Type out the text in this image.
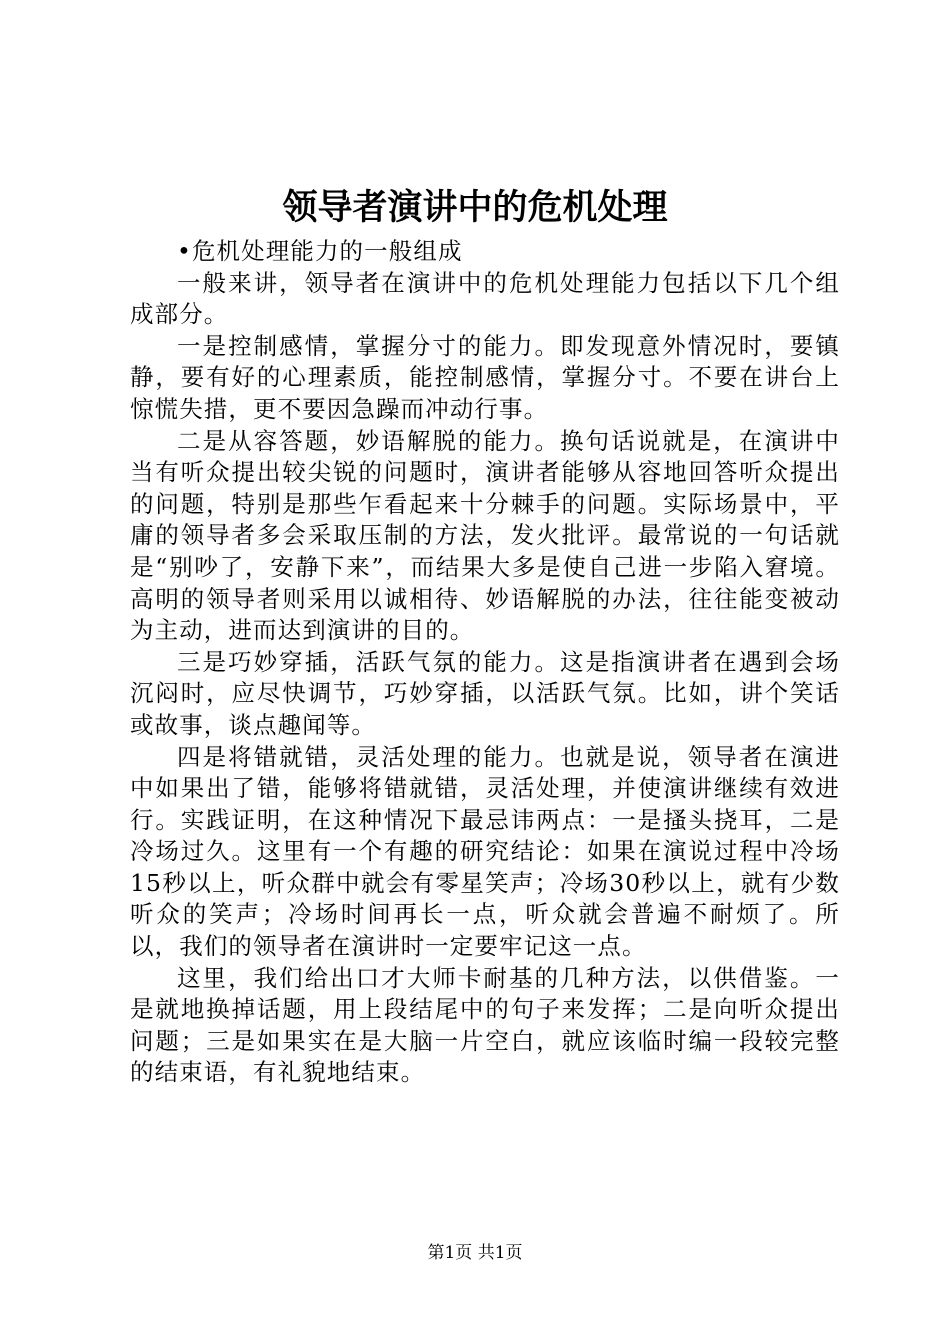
领导者演讲中的危机处理

•危机处理能力的一般组成

一般来讲，领导者在演讲中的危机处理能力包括以下几个组成部分。

一是控制感情，掌握分寸的能力。即发现意外情况时，要镇静，要有好的心理素质，能控制感情，掌握分寸。不要在讲台上惊慌失措，更不要因急躁而冲动行事。

二是从容答题，妙语解脱的能力。换句话说就是，在演讲中当有听众提出较尖锐的问题时，演讲者能够从容地回答听众提出的问题，特别是那些乍看起来十分棘手的问题。实际场景中，平庸的领导者多会采取压制的方法，发火批评。最常说的一句话就是“别吵了，安静下来”，而结果大多是使自己进一步陷入窘境。高明的领导者则采用以诚相待、妙语解脱的办法，往往能变被动为主动，进而达到演讲的目的。

三是巧妙穿插，活跃气氛的能力。这是指演讲者在遇到会场沉闷时，应尽快调节，巧妙穿插，以活跃气氛。比如，讲个笑话或故事，谈点趣闻等。

四是将错就错，灵活处理的能力。也就是说，领导者在演进中如果出了错，能够将错就错，灵活处理，并使演讲继续有效进行。实践证明，在这种情况下最忌讳两点：一是搔头挠耳，二是冷场过久。这里有一个有趣的研究结论：如果在演说过程中冷场15秒以上，听众群中就会有零星笑声；冷场30秒以上，就有少数听众的笑声；冷场时间再长一点，听众就会普遍不耐烦了。所以，我们的领导者在演讲时一定要牢记这一点。

这里，我们给出口才大师卡耐基的几种方法，以供借鉴。一是就地换掉话题，用上段结尾中的句子来发挥；二是向听众提出问题；三是如果实在是大脑一片空白，就应该临时编一段较完整的结束语，有礼貌地结束。

第1页 共1页
